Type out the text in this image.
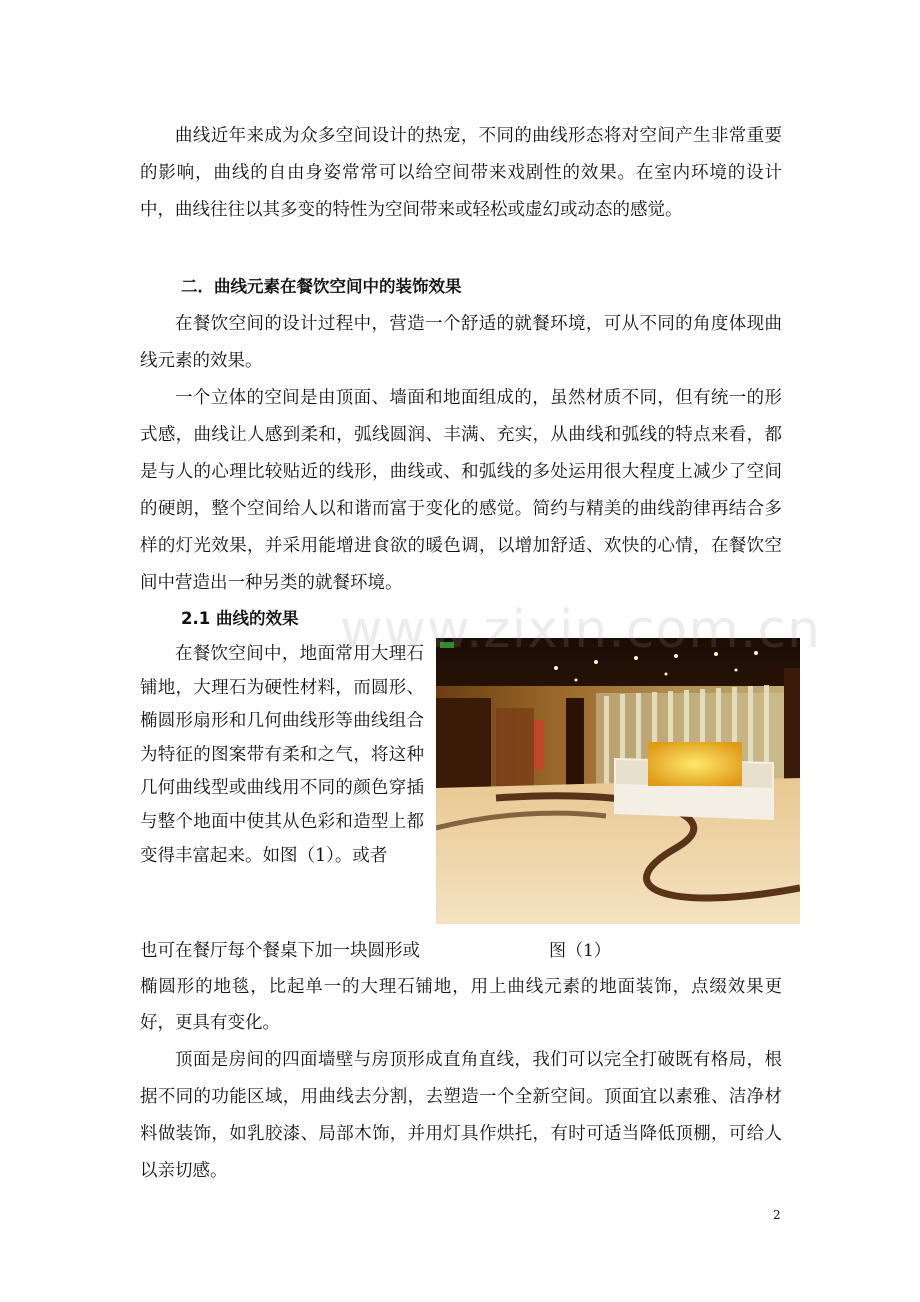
曲线近年来成为众多空间设计的热宠，不同的曲线形态将对空间产生非常重要的影响，曲线的自由身姿常常可以给空间带来戏剧性的效果。在室内环境的设计中，曲线往往以其多变的特性为空间带来或轻松或虚幻或动态的感觉。

二．曲线元素在餐饮空间中的装饰效果

在餐饮空间的设计过程中，营造一个舒适的就餐环境，可从不同的角度体现曲线元素的效果。

一个立体的空间是由顶面、墙面和地面组成的，虽然材质不同，但有统一的形式感，曲线让人感到柔和，弧线圆润、丰满、充实，从曲线和弧线的特点来看，都是与人的心理比较贴近的线形，曲线或、和弧线的多处运用很大程度上减少了空间的硬朗，整个空间给人以和谐而富于变化的感觉。简约与精美的曲线韵律再结合多样的灯光效果，并采用能增进食欲的暖色调，以增加舒适、欢快的心情，在餐饮空间中营造出一种另类的就餐环境。

2.1 曲线的效果

在餐饮空间中，地面常用大理石铺地，大理石为硬性材料，而圆形、椭圆形扇形和几何曲线形等曲线组合为特征的图案带有柔和之气，将这种几何曲线型或曲线用不同的颜色穿插与整个地面中使其从色彩和造型上都变得丰富起来。如图（1）。或者

也可在餐厅每个餐桌下加一块圆形或	图（1）

椭圆形的地毯，比起单一的大理石铺地，用上曲线元素的地面装饰，点缀效果更好，更具有变化。

顶面是房间的四面墙壁与房顶形成直角直线，我们可以完全打破既有格局，根据不同的功能区域，用曲线去分割，去塑造一个全新空间。顶面宜以素雅、洁净材料做装饰，如乳胶漆、局部木饰，并用灯具作烘托，有时可适当降低顶棚，可给人以亲切感。

www.zixin.com.cn
2
